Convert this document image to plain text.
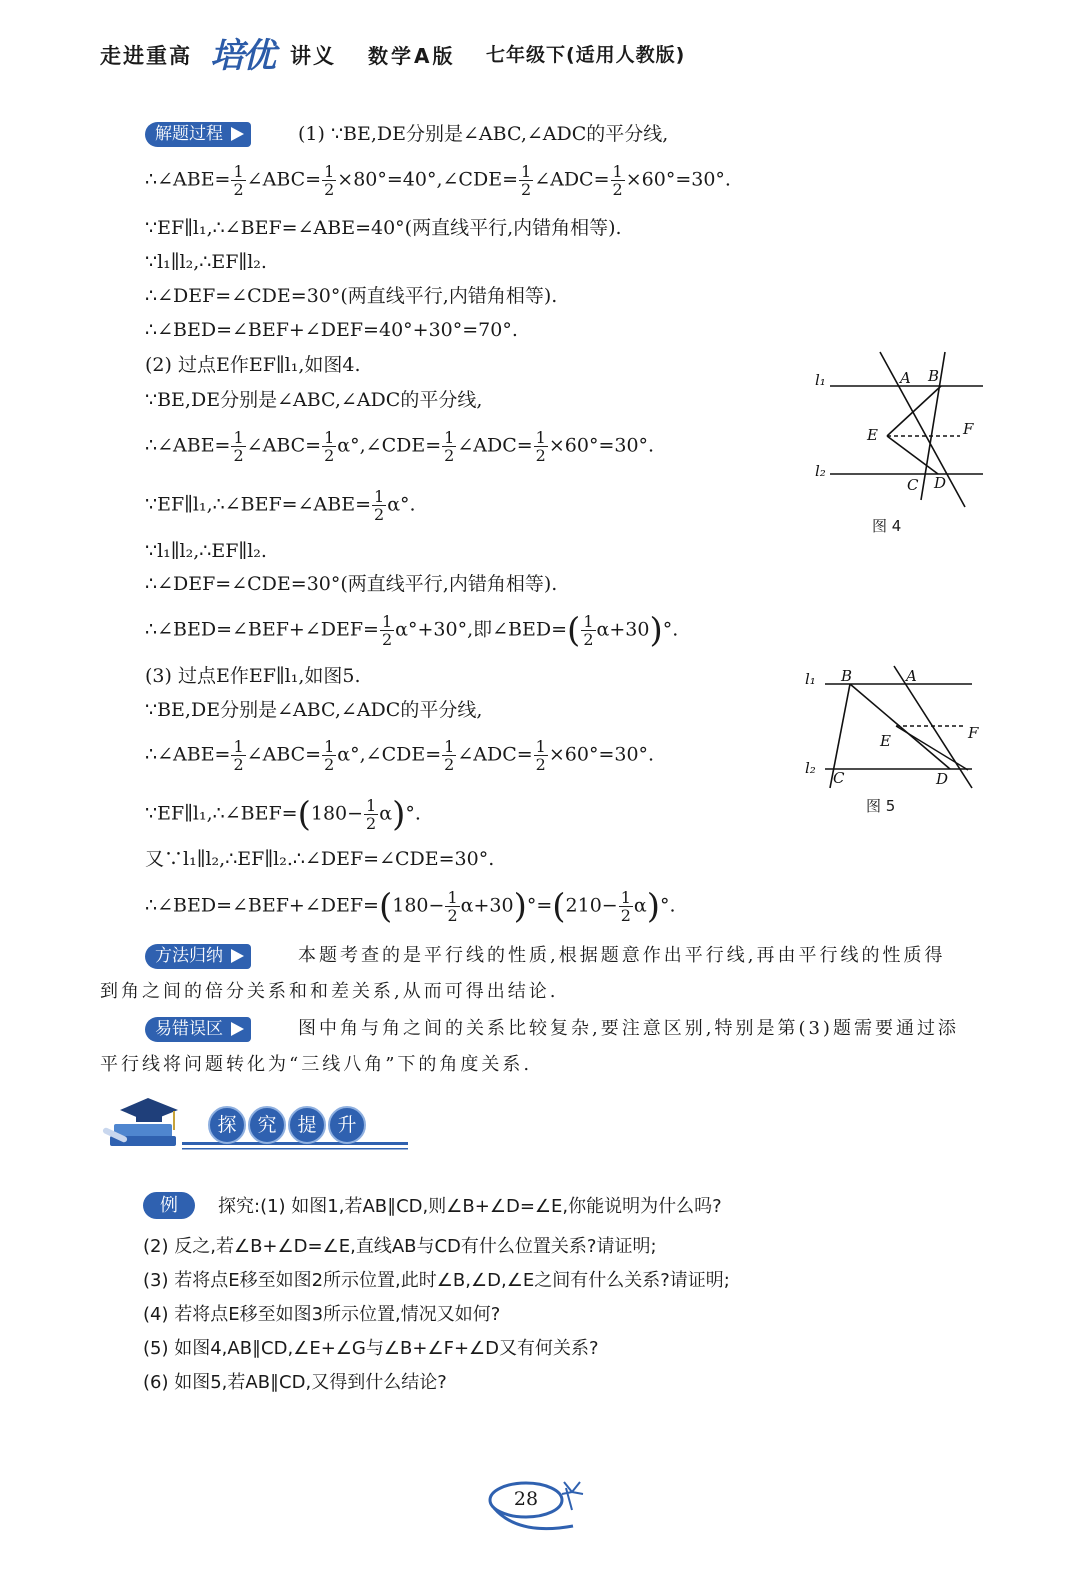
走进重高 培优 讲义 数学A版 七年级下(适用人教版)
解题过程	(1) ∵BE,DE分别是∠ABC,∠ADC的平分线,
∴∠ABE= $\frac{1}{2}$ ∠ABC= $\frac{1}{2}$ ×80°=40°,∠CDE= $\frac{1}{2}$ ∠ADC= $\frac{1}{2} \times 60^\circ=30^\circ$.
∵EF∥l₁,∴∠BEF=∠ABE=40°(两直线平行,内错角相等).
∵l₁∥l₂,∴EF∥l₂.
∴∠DEF=∠CDE=30°(两直线平行,内错角相等).
∴∠BED=∠BEF+∠DEF=40°+30°=70°.
(2) 过点E作EF∥l₁,如图4.
∵BE,DE分别是∠ABC,∠ADC的平分线,
∴∠ABE= $\frac{1}{2}$ ∠ABC= $\frac{1}{2}$ α°,∠CDE= $\frac{1}{2}$ ∠ADC= $\frac{1}{2} \times 60^\circ=30^\circ$.
∵EF∥l₁,∴∠BEF=∠ABE= $\frac{1}{2} \alpha^\circ$.
∵l₁∥l₂,∴EF∥l₂.
∴∠DEF=∠CDE=30°(两直线平行,内错角相等).
∴∠BED=∠BEF+∠DEF= $\frac{1}{2} \alpha^\circ+30^\circ$,即∠BED=( $\frac{1}{2} \alpha+30)^\circ$.
(3) 过点E作EF∥l₁,如图5.
∵BE,DE分别是∠ABC,∠ADC的平分线,
∴∠ABE= $\frac{1}{2}$ ∠ABC= $\frac{1}{2}$ α°,∠CDE= $\frac{1}{2}$ ∠ADC= $\frac{1}{2} \times 60^\circ=30^\circ$.
∵EF∥l₁,∴∠BEF=(180− $\frac{1}{2} \alpha)^\circ$.
又∵l₁∥l₂,∴EF∥l₂.∴∠DEF=∠CDE=30°.
∴∠BED=∠BEF+∠DEF=(180− $\frac{1}{2} \alpha+30)^\circ=(210- \frac{1}{2} \alpha)^\circ$.
l₁
l₂
A B
E	F
C D
图 4
l₁
l₂
B	A
E	F
C	D
图 5
方法归纳	本题考查的是平行线的性质,根据题意作出平行线,再由平行线的性质得
到角之间的倍分关系和和差关系,从而可得出结论.
易错误区	图中角与角之间的关系比较复杂,要注意区别,特别是第(3)题需要通过添
平行线将问题转化为“三线八角”下的角度关系.
探	究	提	升
例	探究:(1) 如图1,若AB∥CD,则∠B+∠D=∠E,你能说明为什么吗?
(2) 反之,若∠B+∠D=∠E,直线AB与CD有什么位置关系?请证明;
(3) 若将点E移至如图2所示位置,此时∠B,∠D,∠E之间有什么关系?请证明;
(4) 若将点E移至如图3所示位置,情况又如何?
(5) 如图4,AB∥CD,∠E+∠G与∠B+∠F+∠D又有何关系?
(6) 如图5,若AB∥CD,又得到什么结论?
28
